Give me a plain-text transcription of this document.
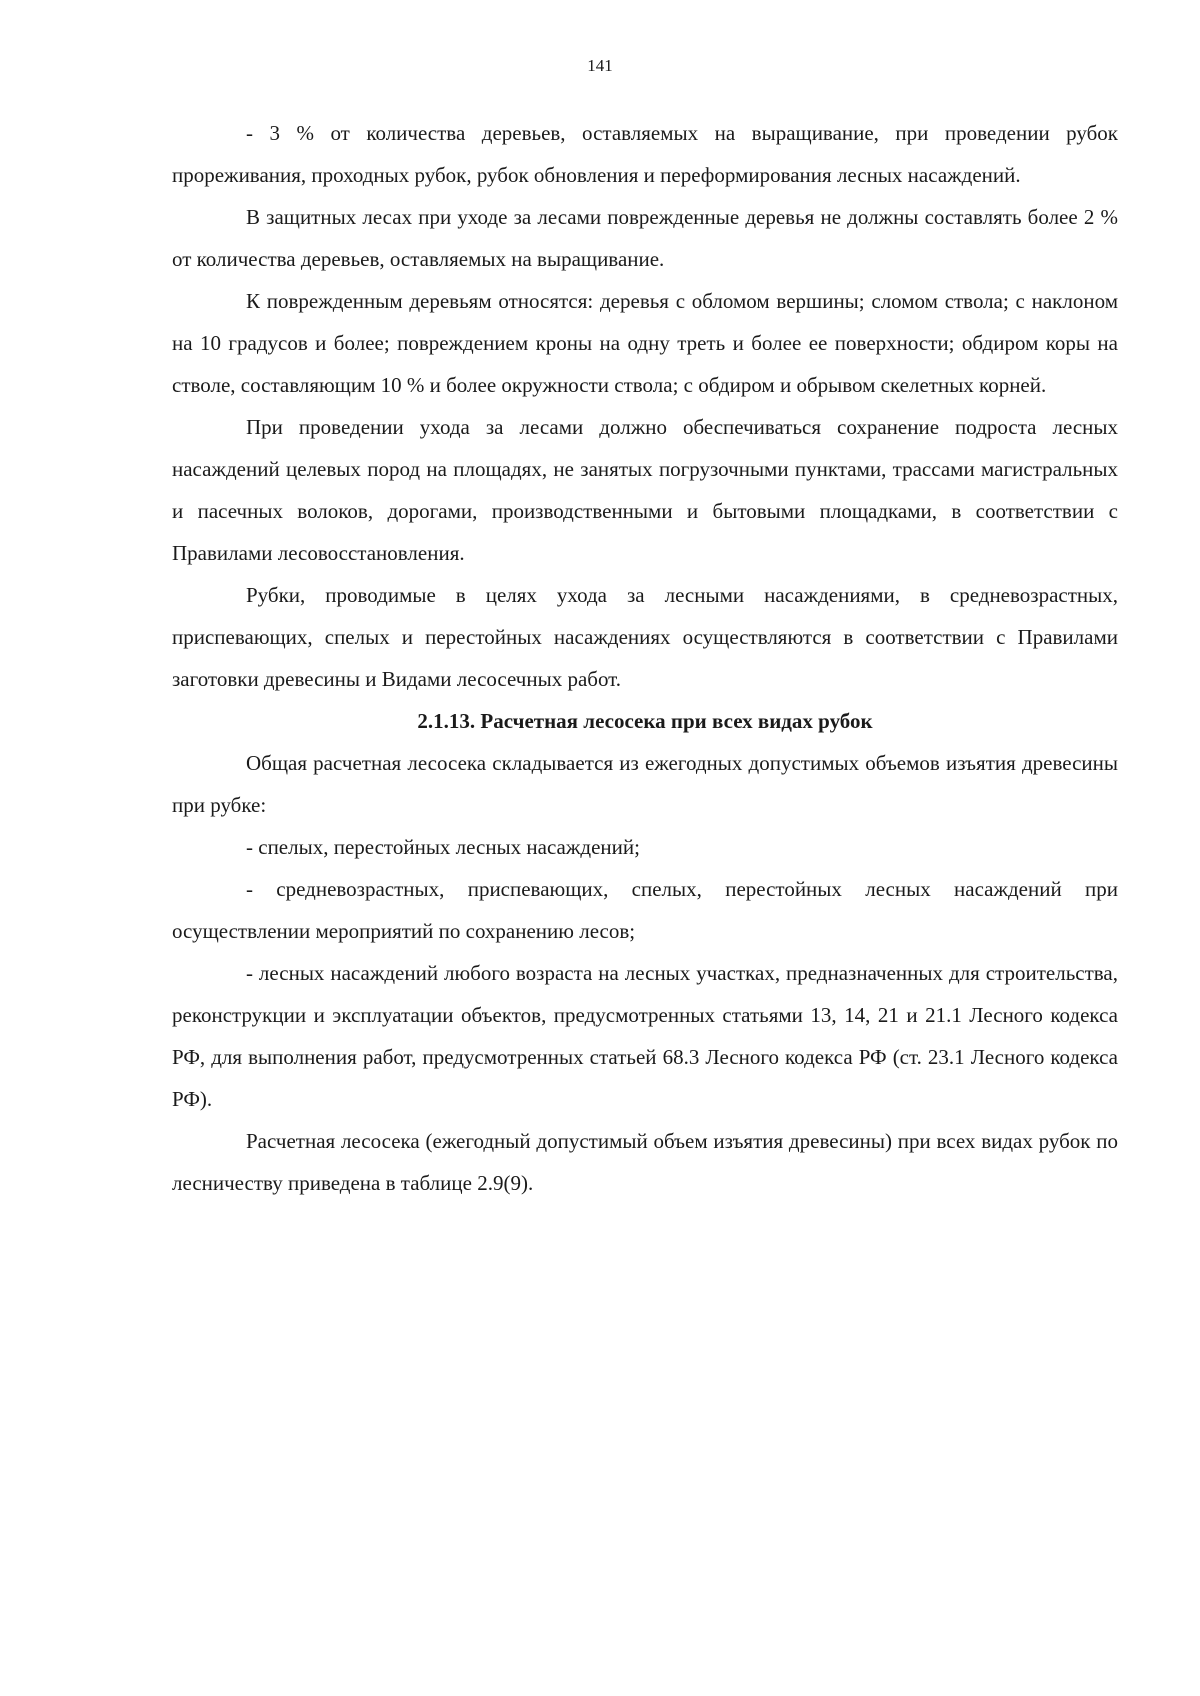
141

- 3 % от количества деревьев, оставляемых на выращивание, при проведении рубок прореживания, проходных рубок, рубок обновления и переформирования лесных насаждений.

В защитных лесах при уходе за лесами поврежденные деревья не должны составлять более 2 % от количества деревьев, оставляемых на выращивание.

К поврежденным деревьям относятся: деревья с обломом вершины; сломом ствола; с наклоном на 10 градусов и более; повреждением кроны на одну треть и более ее поверхности; обдиром коры на стволе, составляющим 10 % и более окружности ствола; с обдиром и обрывом скелетных корней.

При проведении ухода за лесами должно обеспечиваться сохранение подроста лесных насаждений целевых пород на площадях, не занятых погрузочными пунктами, трассами магистральных и пасечных волоков, дорогами, производственными и бытовыми площадками, в соответствии с Правилами лесовосстановления.

Рубки, проводимые в целях ухода за лесными насаждениями, в средневозрастных, приспевающих, спелых и перестойных насаждениях осуществляются в соответствии с Правилами заготовки древесины и Видами лесосечных работ.

2.1.13. Расчетная лесосека при всех видах рубок

Общая расчетная лесосека складывается из ежегодных допустимых объемов изъятия древесины при рубке:

- спелых, перестойных лесных насаждений;

- средневозрастных, приспевающих, спелых, перестойных лесных насаждений при осуществлении мероприятий по сохранению лесов;

- лесных насаждений любого возраста на лесных участках, предназначенных для строительства, реконструкции и эксплуатации объектов, предусмотренных статьями 13, 14, 21 и 21.1 Лесного кодекса РФ, для выполнения работ, предусмотренных статьей 68.3 Лесного кодекса РФ (ст. 23.1 Лесного кодекса РФ).

Расчетная лесосека (ежегодный допустимый объем изъятия древесины) при всех видах рубок по лесничеству приведена в таблице 2.9(9).
